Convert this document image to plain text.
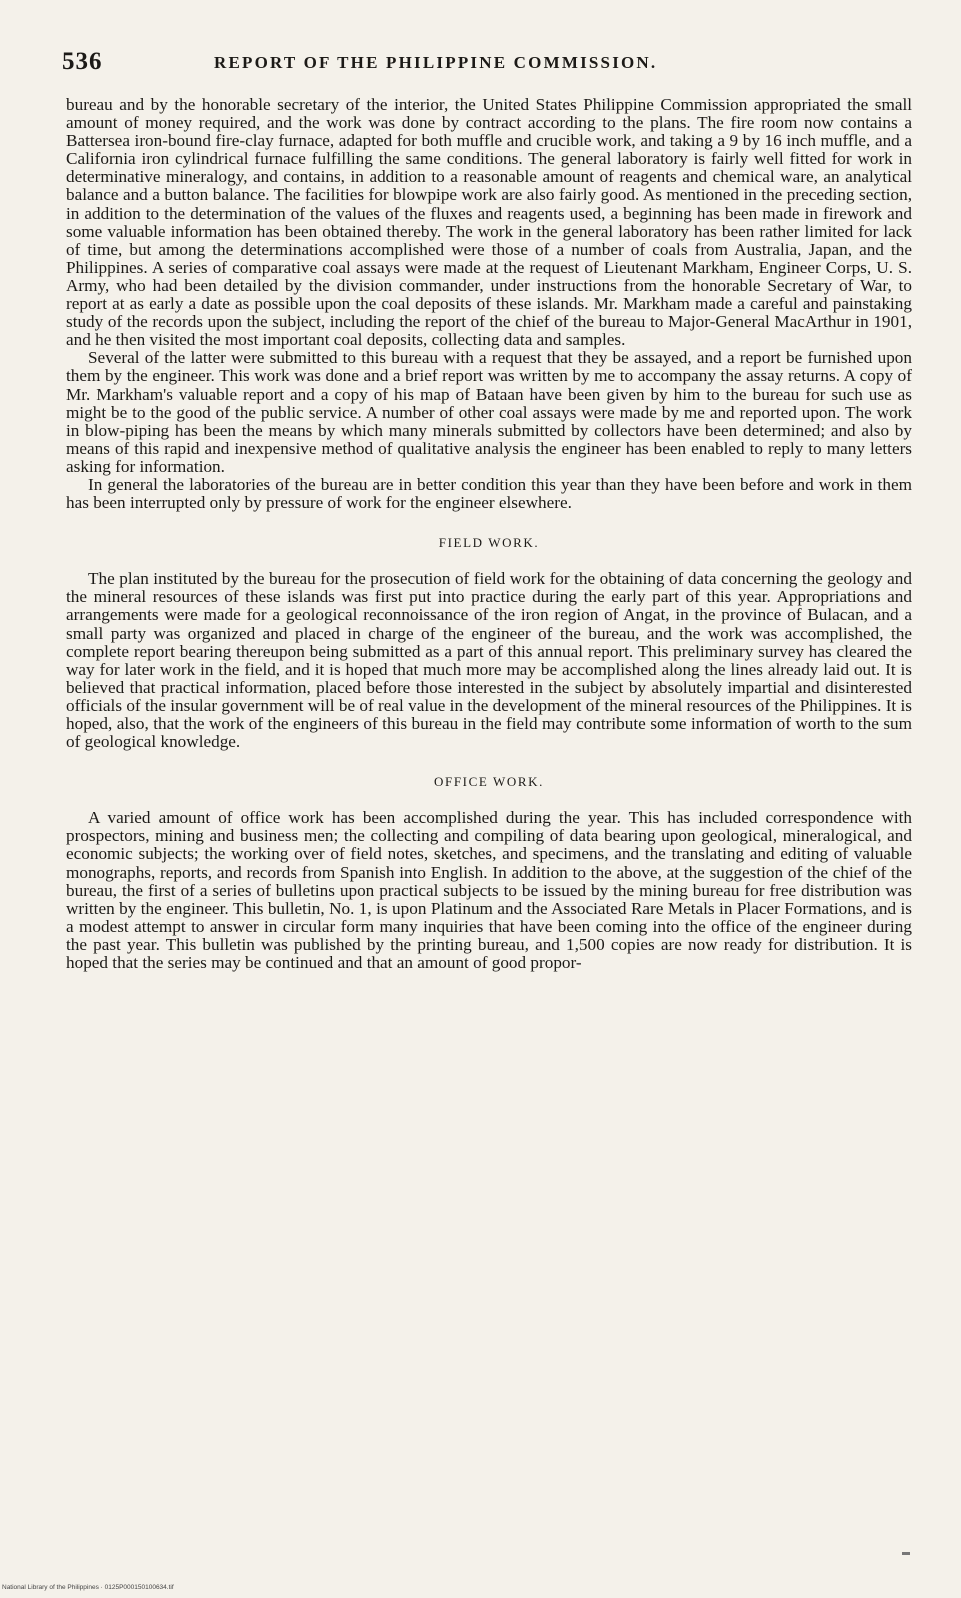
536	REPORT OF THE PHILIPPINE COMMISSION.

bureau and by the honorable secretary of the interior, the United States Philippine Commission appropriated the small amount of money required, and the work was done by contract according to the plans. The fire room now contains a Battersea iron-bound fire-clay furnace, adapted for both muffle and crucible work, and taking a 9 by 16 inch muffle, and a California iron cylindrical furnace fulfilling the same conditions. The general laboratory is fairly well fitted for work in determinative mineralogy, and contains, in addition to a reasonable amount of reagents and chemical ware, an analytical balance and a button balance. The facilities for blowpipe work are also fairly good. As mentioned in the preceding section, in addition to the determination of the values of the fluxes and reagents used, a beginning has been made in firework and some valuable information has been obtained thereby. The work in the general laboratory has been rather limited for lack of time, but among the determinations accomplished were those of a number of coals from Australia, Japan, and the Philippines. A series of comparative coal assays were made at the request of Lieutenant Markham, Engineer Corps, U. S. Army, who had been detailed by the division commander, under instructions from the honorable Secretary of War, to report at as early a date as possible upon the coal deposits of these islands. Mr. Markham made a careful and painstaking study of the records upon the subject, including the report of the chief of the bureau to Major-General MacArthur in 1901, and he then visited the most important coal deposits, collecting data and samples.

Several of the latter were submitted to this bureau with a request that they be assayed, and a report be furnished upon them by the engineer. This work was done and a brief report was written by me to accompany the assay returns. A copy of Mr. Markham's valuable report and a copy of his map of Bataan have been given by him to the bureau for such use as might be to the good of the public service. A number of other coal assays were made by me and reported upon. The work in blow-piping has been the means by which many minerals submitted by collectors have been determined; and also by means of this rapid and inexpensive method of qualitative analysis the engineer has been enabled to reply to many letters asking for information.

In general the laboratories of the bureau are in better condition this year than they have been before and work in them has been interrupted only by pressure of work for the engineer elsewhere.

FIELD WORK.

The plan instituted by the bureau for the prosecution of field work for the obtaining of data concerning the geology and the mineral resources of these islands was first put into practice during the early part of this year. Appropriations and arrangements were made for a geological reconnoissance of the iron region of Angat, in the province of Bulacan, and a small party was organized and placed in charge of the engineer of the bureau, and the work was accomplished, the complete report bearing thereupon being submitted as a part of this annual report. This preliminary survey has cleared the way for later work in the field, and it is hoped that much more may be accomplished along the lines already laid out. It is believed that practical information, placed before those interested in the subject by absolutely impartial and disinterested officials of the insular government will be of real value in the development of the mineral resources of the Philippines. It is hoped, also, that the work of the engineers of this bureau in the field may contribute some information of worth to the sum of geological knowledge.

OFFICE WORK.

A varied amount of office work has been accomplished during the year. This has included correspondence with prospectors, mining and business men; the collecting and compiling of data bearing upon geological, mineralogical, and economic subjects; the working over of field notes, sketches, and specimens, and the translating and editing of valuable monographs, reports, and records from Spanish into English. In addition to the above, at the suggestion of the chief of the bureau, the first of a series of bulletins upon practical subjects to be issued by the mining bureau for free distribution was written by the engineer. This bulletin, No. 1, is upon Platinum and the Associated Rare Metals in Placer Formations, and is a modest attempt to answer in circular form many inquiries that have been coming into the office of the engineer during the past year. This bulletin was published by the printing bureau, and 1,500 copies are now ready for distribution. It is hoped that the series may be continued and that an amount of good propor-

National Library of the Philippines · 0125P000150100634.tif
